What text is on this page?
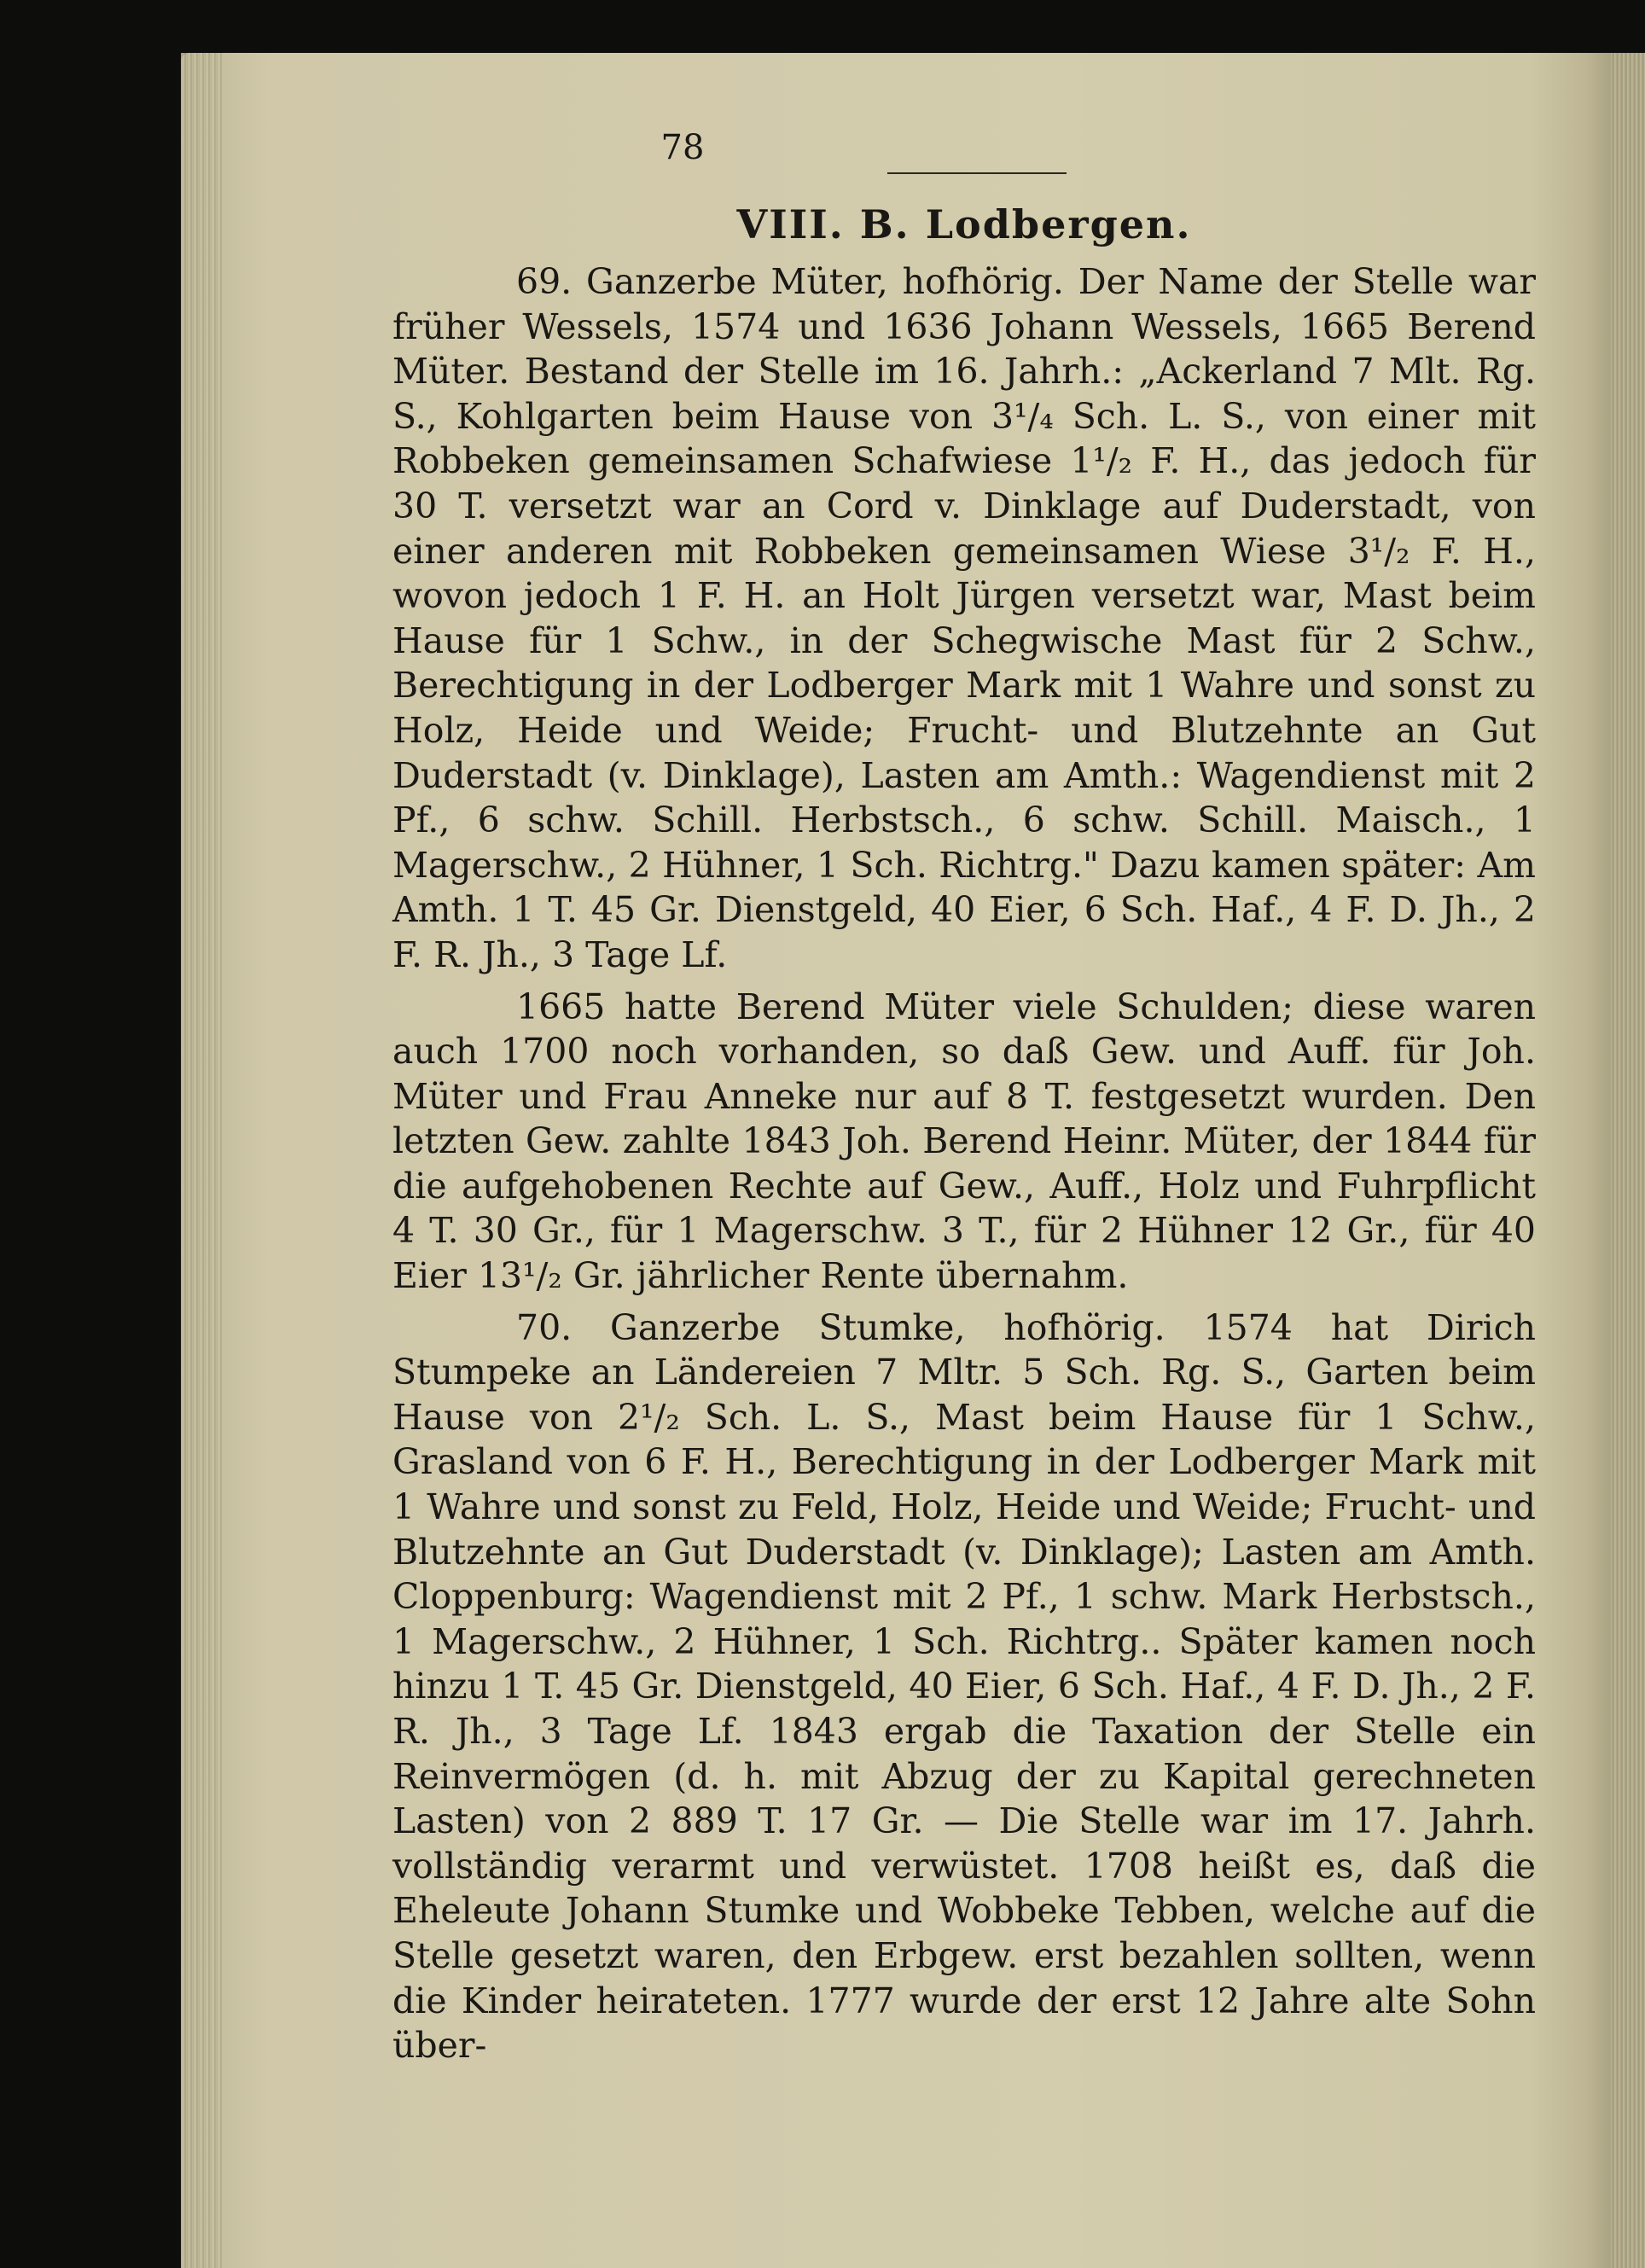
78
VIII. B. Lodbergen.

69. Ganzerbe Müter, hofhörig. Der Name der Stelle war früher Wessels, 1574 und 1636 Johann Wessels, 1665 Berend Müter. Bestand der Stelle im 16. Jahrh.: „Ackerland 7 Mlt. Rg. S., Kohlgarten beim Hause von 3¹/₄ Sch. L. S., von einer mit Robbeken gemeinsamen Schafwiese 1¹/₂ F. H., das jedoch für 30 T. versetzt war an Cord v. Dinklage auf Duderstadt, von einer anderen mit Robbeken gemeinsamen Wiese 3¹/₂ F. H., wovon jedoch 1 F. H. an Holt Jürgen versetzt war, Mast beim Hause für 1 Schw., in der Schegwische Mast für 2 Schw., Berechtigung in der Lodberger Mark mit 1 Wahre und sonst zu Holz, Heide und Weide; Frucht- und Blutzehnte an Gut Duderstadt (v. Dinklage), Lasten am Amth.: Wagendienst mit 2 Pf., 6 schw. Schill. Herbstsch., 6 schw. Schill. Maisch., 1 Magerschw., 2 Hühner, 1 Sch. Richtrg." Dazu kamen später: Am Amth. 1 T. 45 Gr. Dienstgeld, 40 Eier, 6 Sch. Haf., 4 F. D. Jh., 2 F. R. Jh., 3 Tage Lf.

1665 hatte Berend Müter viele Schulden; diese waren auch 1700 noch vorhanden, so daß Gew. und Auff. für Joh. Müter und Frau Anneke nur auf 8 T. festgesetzt wurden. Den letzten Gew. zahlte 1843 Joh. Berend Heinr. Müter, der 1844 für die aufgehobenen Rechte auf Gew., Auff., Holz und Fuhrpflicht 4 T. 30 Gr., für 1 Magerschw. 3 T., für 2 Hühner 12 Gr., für 40 Eier 13¹/₂ Gr. jährlicher Rente übernahm.

70. Ganzerbe Stumke, hofhörig. 1574 hat Dirich Stumpeke an Ländereien 7 Mltr. 5 Sch. Rg. S., Garten beim Hause von 2¹/₂ Sch. L. S., Mast beim Hause für 1 Schw., Grasland von 6 F. H., Berechtigung in der Lodberger Mark mit 1 Wahre und sonst zu Feld, Holz, Heide und Weide; Frucht- und Blutzehnte an Gut Duderstadt (v. Dinklage); Lasten am Amth. Cloppenburg: Wagendienst mit 2 Pf., 1 schw. Mark Herbstsch., 1 Magerschw., 2 Hühner, 1 Sch. Richtrg.. Später kamen noch hinzu 1 T. 45 Gr. Dienstgeld, 40 Eier, 6 Sch. Haf., 4 F. D. Jh., 2 F. R. Jh., 3 Tage Lf. 1843 ergab die Taxation der Stelle ein Reinvermögen (d. h. mit Abzug der zu Kapital gerechneten Lasten) von 2 889 T. 17 Gr. — Die Stelle war im 17. Jahrh. vollständig verarmt und verwüstet. 1708 heißt es, daß die Eheleute Johann Stumke und Wobbeke Tebben, welche auf die Stelle gesetzt waren, den Erbgew. erst bezahlen sollten, wenn die Kinder heirateten. 1777 wurde der erst 12 Jahre alte Sohn über-
